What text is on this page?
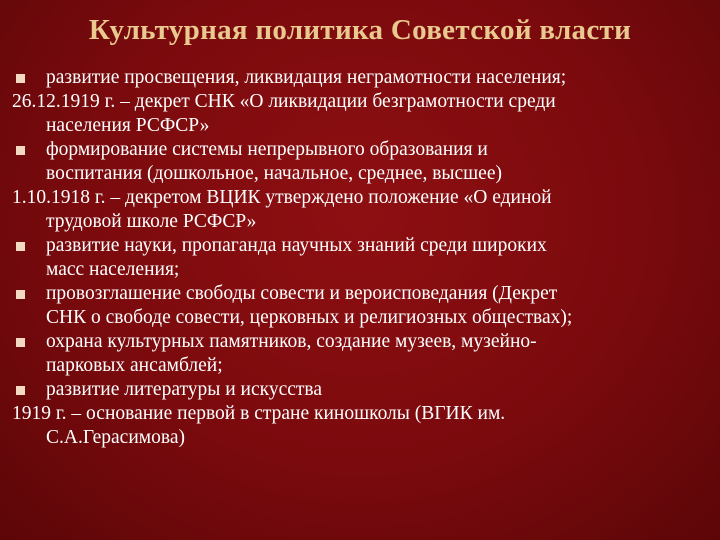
Культурная политика Советской власти
развитие просвещения, ликвидация неграмотности населения;
26.12.1919 г. – декрет СНК «О ликвидации безграмотности среди
населения РСФСР»
формирование системы непрерывного образования и
воспитания (дошкольное, начальное, среднее, высшее)
1.10.1918 г. – декретом ВЦИК утверждено положение «О единой
трудовой школе РСФСР»
развитие науки, пропаганда научных знаний среди широких
масс населения;
провозглашение свободы совести и вероисповедания (Декрет
СНК о свободе совести, церковных и религиозных обществах);
охрана культурных памятников, создание музеев, музейно-
парковых ансамблей;
развитие литературы и искусства
1919 г. – основание первой в стране киношколы (ВГИК им.
С.А.Герасимова)
